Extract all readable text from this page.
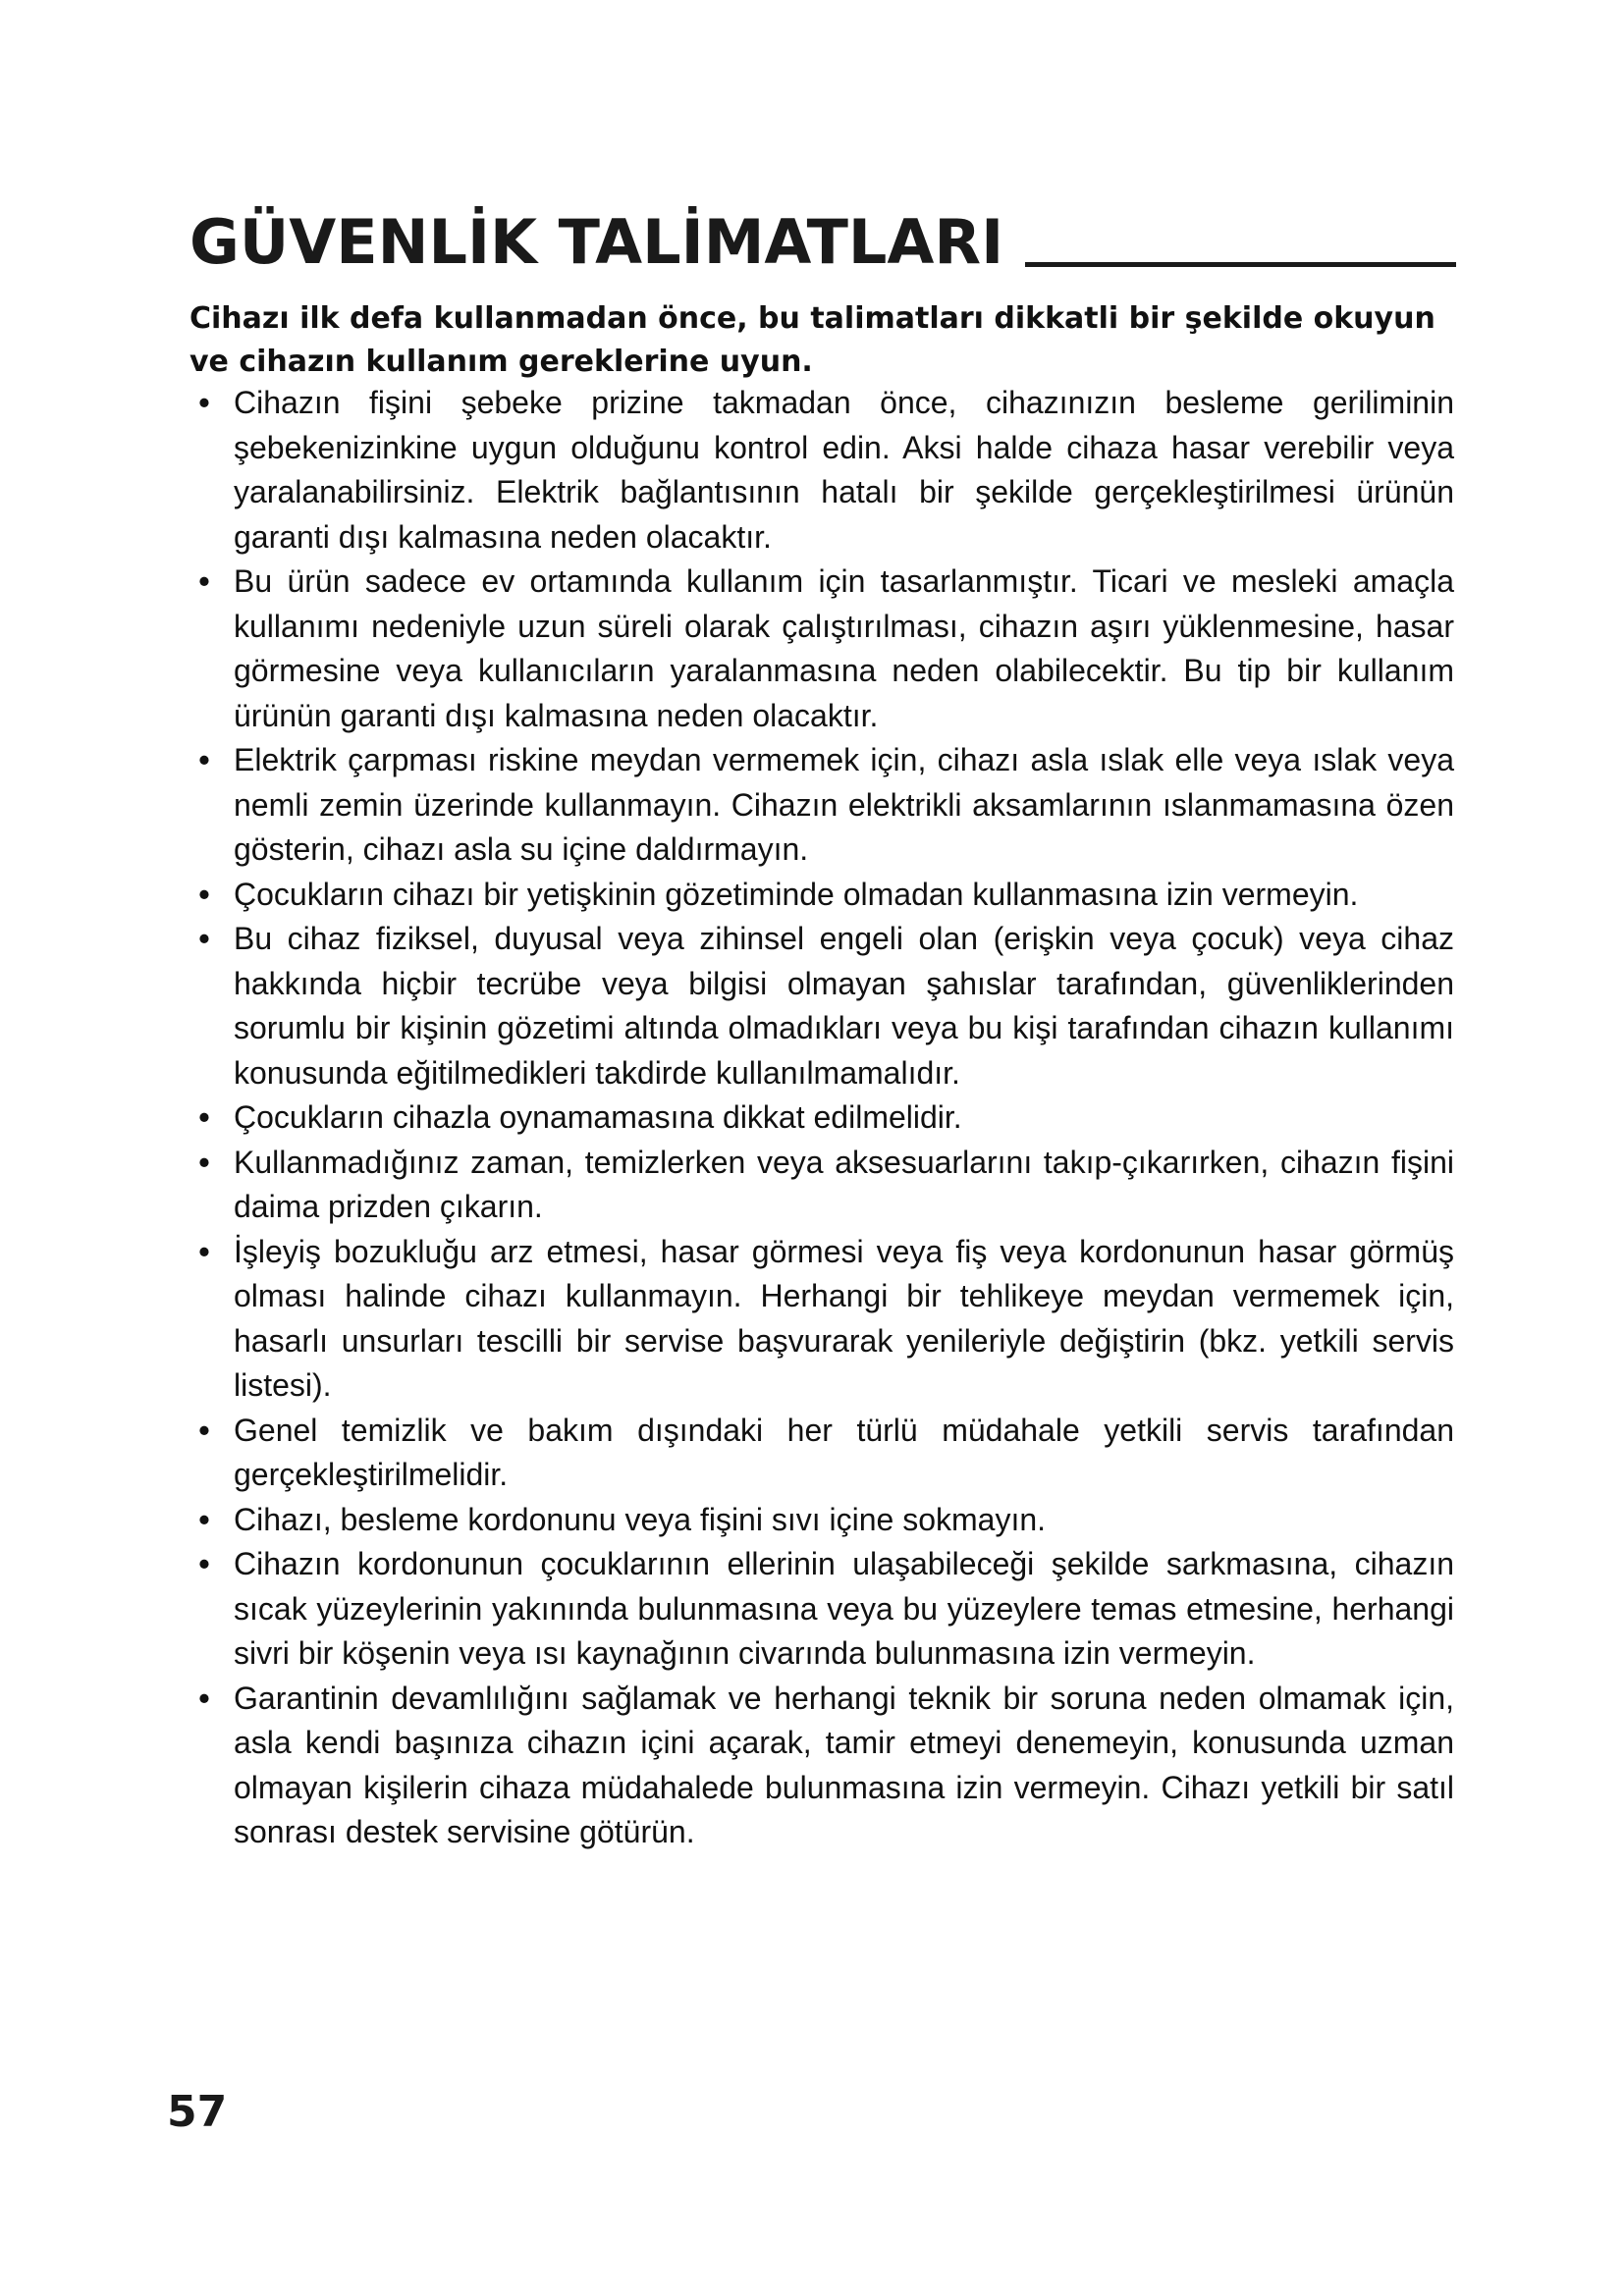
GÜVENLİK TALİMATLARI
Cihazı ilk defa kullanmadan önce, bu talimatları dikkatli bir şekilde okuyun ve cihazın kullanım gereklerine uyun.
• Cihazın fişini şebeke prizine takmadan önce, cihazınızın besleme geriliminin şebekenizinkine uygun olduğunu kontrol edin. Aksi halde cihaza hasar verebilir veya yaralanabilirsiniz. Elektrik bağlantısının hatalı bir şekilde gerçekleştirilmesi ürünün garanti dışı kalmasına neden olacaktır.
• Bu ürün sadece ev ortamında kullanım için tasarlanmıştır. Ticari ve mesleki amaçla kullanımı nedeniyle uzun süreli olarak çalıştırılması, cihazın aşırı yüklenmesine, hasar görmesine veya kullanıcıların yaralanmasına neden olabilecektir. Bu tip bir kullanım ürünün garanti dışı kalmasına neden olacaktır.
• Elektrik çarpması riskine meydan vermemek için, cihazı asla ıslak elle veya ıslak veya nemli zemin üzerinde kullanmayın. Cihazın elektrikli aksamlarının ıslanmamasına özen gösterin, cihazı asla su içine daldırmayın.
• Çocukların cihazı bir yetişkinin gözetiminde olmadan kullanmasına izin vermeyin.
• Bu cihaz fiziksel, duyusal veya zihinsel engeli olan (erişkin veya çocuk) veya cihaz hakkında hiçbir tecrübe veya bilgisi olmayan şahıslar tarafından, güvenliklerinden sorumlu bir kişinin gözetimi altında olmadıkları veya bu kişi tarafından cihazın kullanımı konusunda eğitilmedikleri takdirde kullanılmamalıdır.
• Çocukların cihazla oynamamasına dikkat edilmelidir.
• Kullanmadığınız zaman, temizlerken veya aksesuarlarını takıp-çıkarırken, cihazın fişini daima prizden çıkarın.
• İşleyiş bozukluğu arz etmesi, hasar görmesi veya fiş veya kordonunun hasar görmüş olması halinde cihazı kullanmayın. Herhangi bir tehlikeye meydan vermemek için, hasarlı unsurları tescilli bir servise başvurarak yenileriyle değiştirin (bkz. yetkili servis listesi).
• Genel temizlik ve bakım dışındaki her türlü müdahale yetkili servis tarafından gerçekleştirilmelidir.
• Cihazı, besleme kordonunu veya fişini sıvı içine sokmayın.
• Cihazın kordonunun çocuklarının ellerinin ulaşabileceği şekilde sarkmasına, cihazın sıcak yüzeylerinin yakınında bulunmasına veya bu yüzeylere temas etmesine, herhangi sivri bir köşenin veya ısı kaynağının civarında bulunmasına izin vermeyin.
• Garantinin devamlılığını sağlamak ve herhangi teknik bir soruna neden olmamak için, asla kendi başınıza cihazın içini açarak, tamir etmeyi denemeyin, konusunda uzman olmayan kişilerin cihaza müdahalede bulunmasına izin vermeyin. Cihazı yetkili bir satıl sonrası destek servisine götürün.
57
